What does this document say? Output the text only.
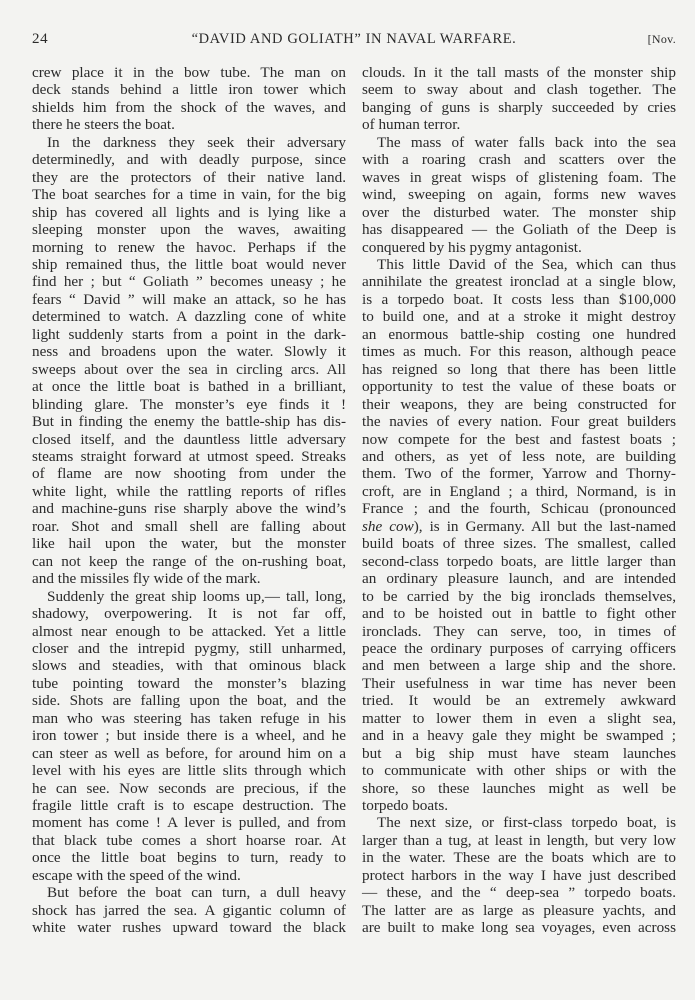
24	“DAVID AND GOLIATH” IN NAVAL WARFARE.	[Nov.

crew place it in the bow tube. The man on
deck stands behind a little iron tower which
shields him from the shock of the waves, and
there he steers the boat.

In the darkness they seek their adversary
determinedly, and with deadly purpose, since
they are the protectors of their native land.
The boat searches for a time in vain, for the big
ship has covered all lights and is lying like a
sleeping monster upon the waves, awaiting
morning to renew the havoc. Perhaps if the
ship remained thus, the little boat would never
find her ; but “ Goliath ” becomes uneasy ; he
fears “ David ” will make an attack, so he has
determined to watch. A dazzling cone of white
light suddenly starts from a point in the dark-
ness and broadens upon the water. Slowly it
sweeps about over the sea in circling arcs. All
at once the little boat is bathed in a brilliant,
blinding glare. The monster’s eye finds it !
But in finding the enemy the battle-ship has dis-
closed itself, and the dauntless little adversary
steams straight forward at utmost speed. Streaks
of flame are now shooting from under the
white light, while the rattling reports of rifles
and machine-guns rise sharply above the wind’s
roar. Shot and small shell are falling about
like hail upon the water, but the monster
can not keep the range of the on-rushing boat,
and the missiles fly wide of the mark.

Suddenly the great ship looms up,— tall, long,
shadowy, overpowering. It is not far off,
almost near enough to be attacked. Yet a little
closer and the intrepid pygmy, still unharmed,
slows and steadies, with that ominous black
tube pointing toward the monster’s blazing
side. Shots are falling upon the boat, and the
man who was steering has taken refuge in his
iron tower ; but inside there is a wheel, and he
can steer as well as before, for around him on a
level with his eyes are little slits through which
he can see. Now seconds are precious, if the
fragile little craft is to escape destruction. The
moment has come ! A lever is pulled, and from
that black tube comes a short hoarse roar. At
once the little boat begins to turn, ready to
escape with the speed of the wind.

But before the boat can turn, a dull heavy
shock has jarred the sea. A gigantic column of
white water rushes upward toward the black

clouds. In it the tall masts of the monster ship
seem to sway about and clash together. The
banging of guns is sharply succeeded by cries
of human terror.

The mass of water falls back into the sea
with a roaring crash and scatters over the
waves in great wisps of glistening foam. The
wind, sweeping on again, forms new waves
over the disturbed water. The monster ship
has disappeared — the Goliath of the Deep is
conquered by his pygmy antagonist.

This little David of the Sea, which can thus
annihilate the greatest ironclad at a single blow,
is a torpedo boat. It costs less than $100,000
to build one, and at a stroke it might destroy
an enormous battle-ship costing one hundred
times as much. For this reason, although peace
has reigned so long that there has been little
opportunity to test the value of these boats or
their weapons, they are being constructed for
the navies of every nation. Four great builders
now compete for the best and fastest boats ;
and others, as yet of less note, are building
them. Two of the former, Yarrow and Thorny-
croft, are in England ; a third, Normand, is in
France ; and the fourth, Schicau (pronounced
she cow), is in Germany. All but the last-named
build boats of three sizes. The smallest, called
second-class torpedo boats, are little larger than
an ordinary pleasure launch, and are intended
to be carried by the big ironclads themselves,
and to be hoisted out in battle to fight other
ironclads. They can serve, too, in times of
peace the ordinary purposes of carrying officers
and men between a large ship and the shore.
Their usefulness in war time has never been
tried. It would be an extremely awkward
matter to lower them in even a slight sea,
and in a heavy gale they might be swamped ;
but a big ship must have steam launches
to communicate with other ships or with the
shore, so these launches might as well be
torpedo boats.

The next size, or first-class torpedo boat, is
larger than a tug, at least in length, but very low
in the water. These are the boats which are to
protect harbors in the way I have just described
— these, and the “ deep-sea ” torpedo boats.
The latter are as large as pleasure yachts, and
are built to make long sea voyages, even across
